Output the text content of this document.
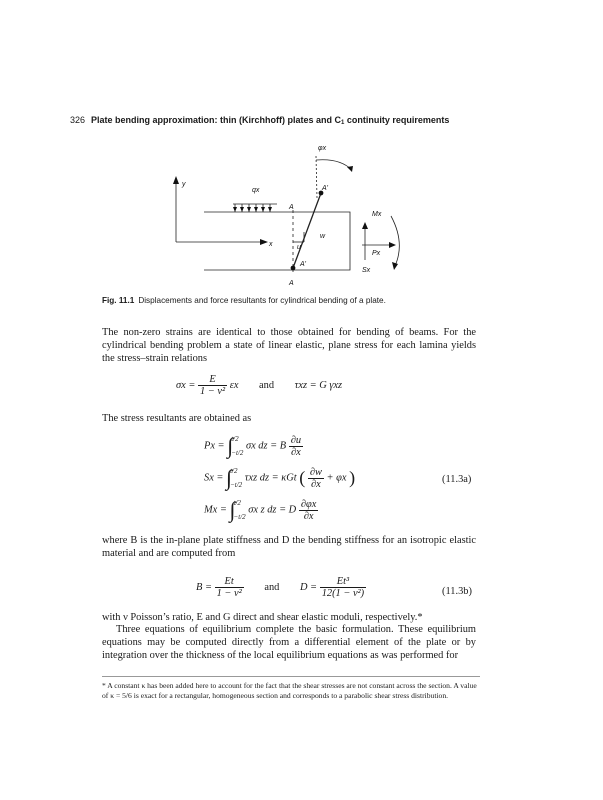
326 Plate bending approximation: thin (Kirchhoff) plates and $C_1$ continuity requirements
φx
y
qx
x
A
A'
A'
A
u
w
Mx
Px
Sx
Fig. 11.1 Displacements and force resultants for cylindrical bending of a plate.

The non-zero strains are identical to those obtained for bending of beams. For the cylindrical bending problem a state of linear elastic, plane stress for each lamina yields the stress–strain relations

$\sigma x = \frac{E}{\text{1 − ν²}}$ εx and τxz = G γxz

The stress resultants are obtained as

Px = ∫
t/2
−t/2
σx dz = B $\frac{\partial u}{\partial x}$
Sx = ∫
t/2
−t/2
τxz dz = κGt ( $\frac{\partial w}{\partial x} + \varphi x$ )	(11.3a)
Mx = ∫
t/2
−t/2
σx z dz = D $\frac{\partial\varphi x}{\partial x}$

where B is the in-plane plate stiffness and D the bending stiffness for an isotropic elastic material and are computed from

$B = \frac{Et}{\text{1 − ν²}}$ and $D = \frac{\text{Et³}}{\text{12(1 − ν²)}}$	(11.3b)

with ν Poisson’s ratio, E and G direct and shear elastic moduli, respectively.*

Three equations of equilibrium complete the basic formulation. These equilibrium equations may be computed directly from a differential element of the plate or by integration over the thickness of the local equilibrium equations as was performed for

* A constant κ has been added here to account for the fact that the shear stresses are not constant across the section. A value of κ = 5/6 is exact for a rectangular, homogeneous section and corresponds to a parabolic shear stress distribution.
